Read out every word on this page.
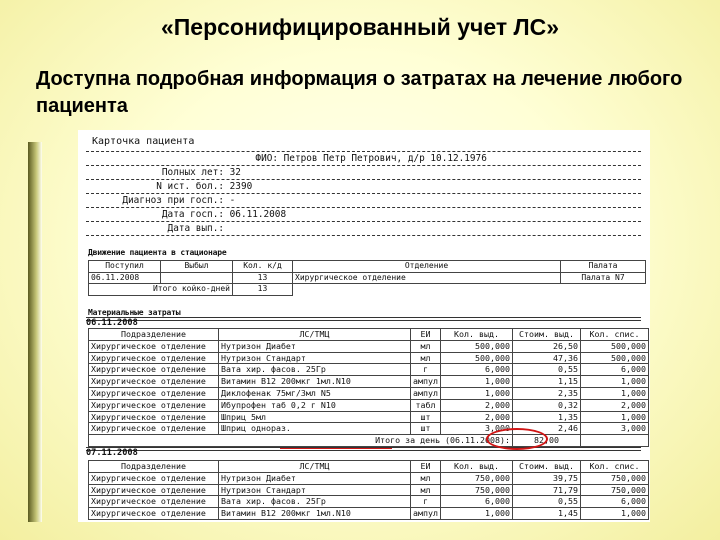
«Персонифицированный учет ЛС»
Доступна подробная информация о затратах на лечение любого пациента
Карточка пациента
ФИО: Петров Петр Петрович, д/р 10.12.1976
Полных лет: 32
N ист. бол.: 2390
Диагноз при госп.: -
Дата госп.: 06.11.2008
Дата вып.:
Движение пациента в стационаре
Поступил	Выбыл	Кол. к/д	Отделение	Палата
06.11.2008		13	Хирургическое отделение	Палата N7
Итого койко-дней		13		
Материальные затраты
06.11.2008
Подразделение	ЛС/ТМЦ	ЕИ	Кол. выд.	Стоим. выд.	Кол. спис.
Хирургическое отделение	Нутризон Диабет	мл	500,000	26,50	500,000
Хирургическое отделение	Нутризон Стандарт	мл	500,000	47,36	500,000
Хирургическое отделение	Вата хир. фасов. 25Гр	г	6,000	0,55	6,000
Хирургическое отделение	Витамин В12 200мкг 1мл.N10	ампул	1,000	1,15	1,000
Хирургическое отделение	Диклофенак 75мг/3мл N5	ампул	1,000	2,35	1,000
Хирургическое отделение	Ибупрофен таб 0,2 г N10	табл	2,000	0,32	2,000
Хирургическое отделение	Шприц 5мл	шт	2,000	1,35	1,000
Хирургическое отделение	Шприц однораз.	шт	3,000	2,46	3,000
Итого за день (06.11.2008):				82,00	
07.11.2008
Подразделение	ЛС/ТМЦ	ЕИ	Кол. выд.	Стоим. выд.	Кол. спис.
Хирургическое отделение	Нутризон Диабет	мл	750,000	39,75	750,000
Хирургическое отделение	Нутризон Стандарт	мл	750,000	71,79	750,000
Хирургическое отделение	Вата хир. фасов. 25Гр	г	6,000	0,55	6,000
Хирургическое отделение	Витамин В12 200мкг 1мл.N10	ампул	1,000	1,45	1,000
